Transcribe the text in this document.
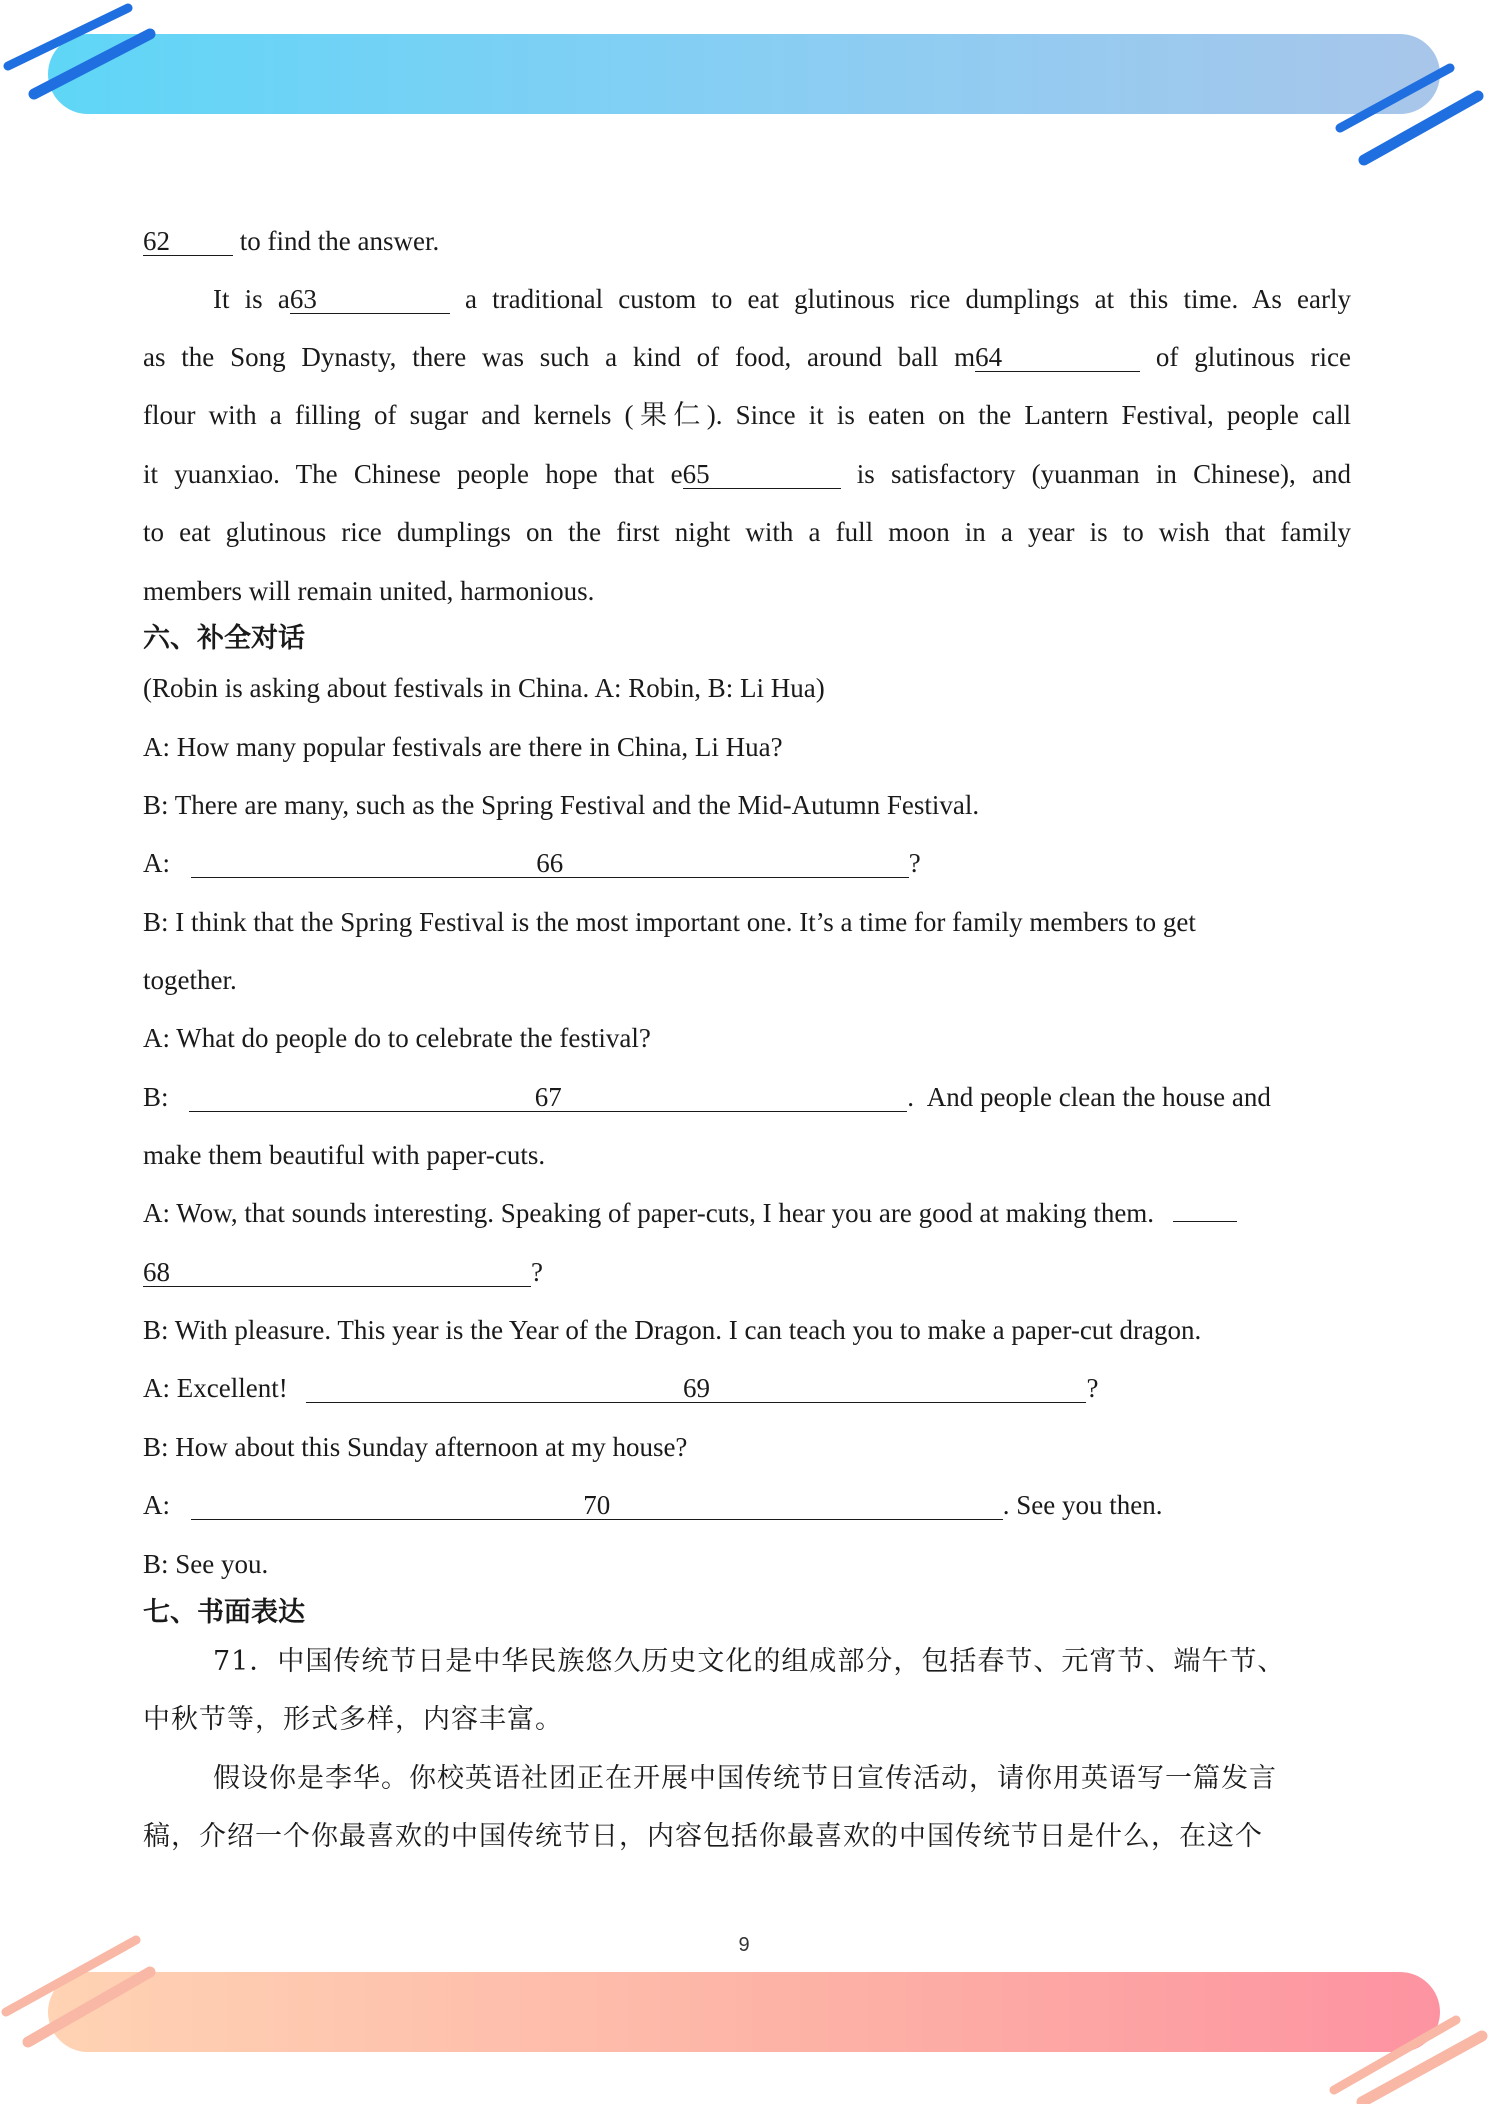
62 to find the answer.
It is a63	a traditional custom to eat glutinous rice dumplings at this time. As early
as the Song Dynasty, there was such a kind of food, around ball m64	of glutinous rice
flour with a filling of sugar and kernels (果仁). Since it is eaten on the Lantern Festival, people call
it yuanxiao. The Chinese people hope that e65	is satisfactory (yuanman in Chinese), and
to eat glutinous rice dumplings on the first night with a full moon in a year is to wish that family
members will remain united, harmonious.
六、补全对话
(Robin is asking about festivals in China. A: Robin, B: Li Hua)
A: How many popular festivals are there in China, Li Hua?
B: There are many, such as the Spring Festival and the Mid-Autumn Festival.
A:	66	?
B: I think that the Spring Festival is the most important one. It’s a time for family members to get
together.
A: What do people do to celebrate the festival?
B:	67	. And people clean the house and
make them beautiful with paper-cuts.
A: Wow, that sounds interesting. Speaking of paper-cuts, I hear you are good at making them.
68	?
B: With pleasure. This year is the Year of the Dragon. I can teach you to make a paper-cut dragon.
A: Excellent!	69	?
B: How about this Sunday afternoon at my house?
A:	70	. See you then.
B: See you.
七、书面表达
71．中国传统节日是中华民族悠久历史文化的组成部分，包括春节、元宵节、端午节、
中秋节等，形式多样，内容丰富。
假设你是李华。你校英语社团正在开展中国传统节日宣传活动，请你用英语写一篇发言
稿，介绍一个你最喜欢的中国传统节日，内容包括你最喜欢的中国传统节日是什么，在这个
9
